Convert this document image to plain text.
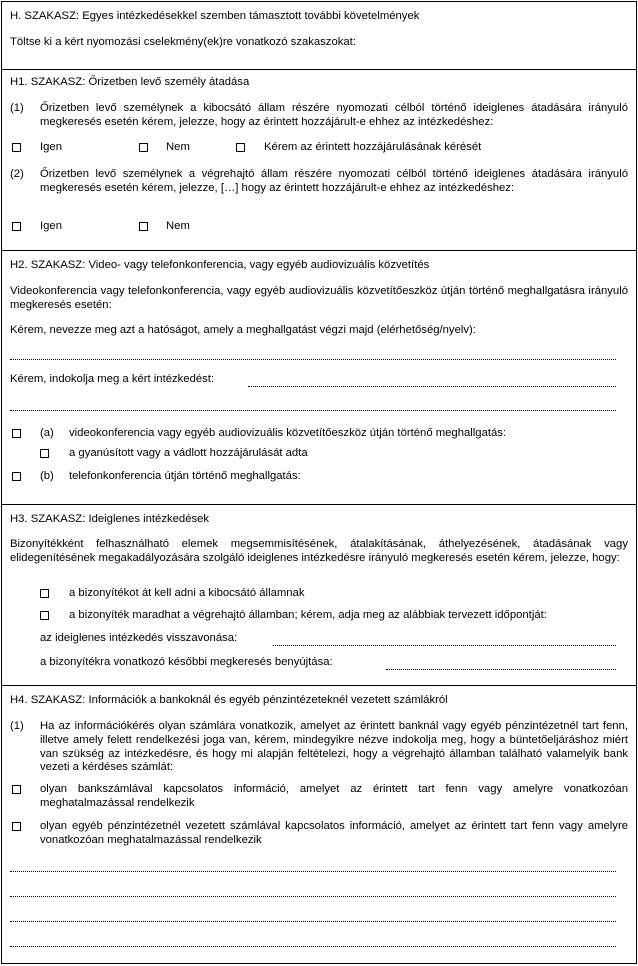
H. SZAKASZ: Egyes intézkedésekkel szemben támasztott további követelmények
Töltse ki a kért nyomozási cselekmény(ek)re vonatkozó szakaszokat:
H1. SZAKASZ: Őrizetben levő személy átadása
(1) Őrizetben levő személynek a kibocsátó állam részére nyomozati célból történő ideiglenes átadására irányuló megkeresés esetén kérem, jelezze, hogy az érintett hozzájárult-e ehhez az intézkedéshez:
Igen	Nem	Kérem az érintett hozzájárulásának kérését
(2) Őrizetben levő személynek a végrehajtó állam részére nyomozati célból történő ideiglenes átadására irányuló megkeresés esetén kérem, jelezze, […] hogy az érintett hozzájárult-e ehhez az intézkedéshez:
Igen	Nem
H2. SZAKASZ: Video- vagy telefonkonferencia, vagy egyéb audiovizuális közvetítés
Videokonferencia vagy telefonkonferencia, vagy egyéb audiovizuális közvetítőeszköz útján történő meghallgatásra irányuló megkeresés esetén:
Kérem, nevezze meg azt a hatóságot, amely a meghallgatást végzi majd (elérhetőség/nyelv):
Kérem, indokolja meg a kért intézkedést:
(a) videokonferencia vagy egyéb audiovizuális közvetítőeszköz útján történő meghallgatás:
a gyanúsított vagy a vádlott hozzájárulását adta
(b) telefonkonferencia útján történő meghallgatás:
H3. SZAKASZ: Ideiglenes intézkedések
Bizonyítékként felhasználható elemek megsemmisítésének, átalakításának, áthelyezésének, átadásának vagy elidegenítésének megakadályozására szolgáló ideiglenes intézkedésre irányuló megkeresés esetén kérem, jelezze, hogy:
a bizonyítékot át kell adni a kibocsátó államnak
a bizonyíték maradhat a végrehajtó államban; kérem, adja meg az alábbiak tervezett időpontját:
az ideiglenes intézkedés visszavonása:
a bizonyítékra vonatkozó későbbi megkeresés benyújtása:
H4. SZAKASZ: Információk a bankoknál és egyéb pénzintézeteknél vezetett számlákról
(1) Ha az információkérés olyan számlára vonatkozik, amelyet az érintett banknál vagy egyéb pénzintézetnél tart fenn, illetve amely felett rendelkezési joga van, kérem, mindegyikre nézve indokolja meg, hogy a büntetőeljáráshoz miért van szükség az intézkedésre, és hogy mi alapján feltételezi, hogy a végrehajtó államban található valamelyik bank vezeti a kérdéses számlát:
olyan bankszámlával kapcsolatos információ, amelyet az érintett tart fenn vagy amelyre vonatkozóan meghatalmazással rendelkezik
olyan egyéb pénzintézetnél vezetett számlával kapcsolatos információ, amelyet az érintett tart fenn vagy amelyre vonatkozóan meghatalmazással rendelkezik
